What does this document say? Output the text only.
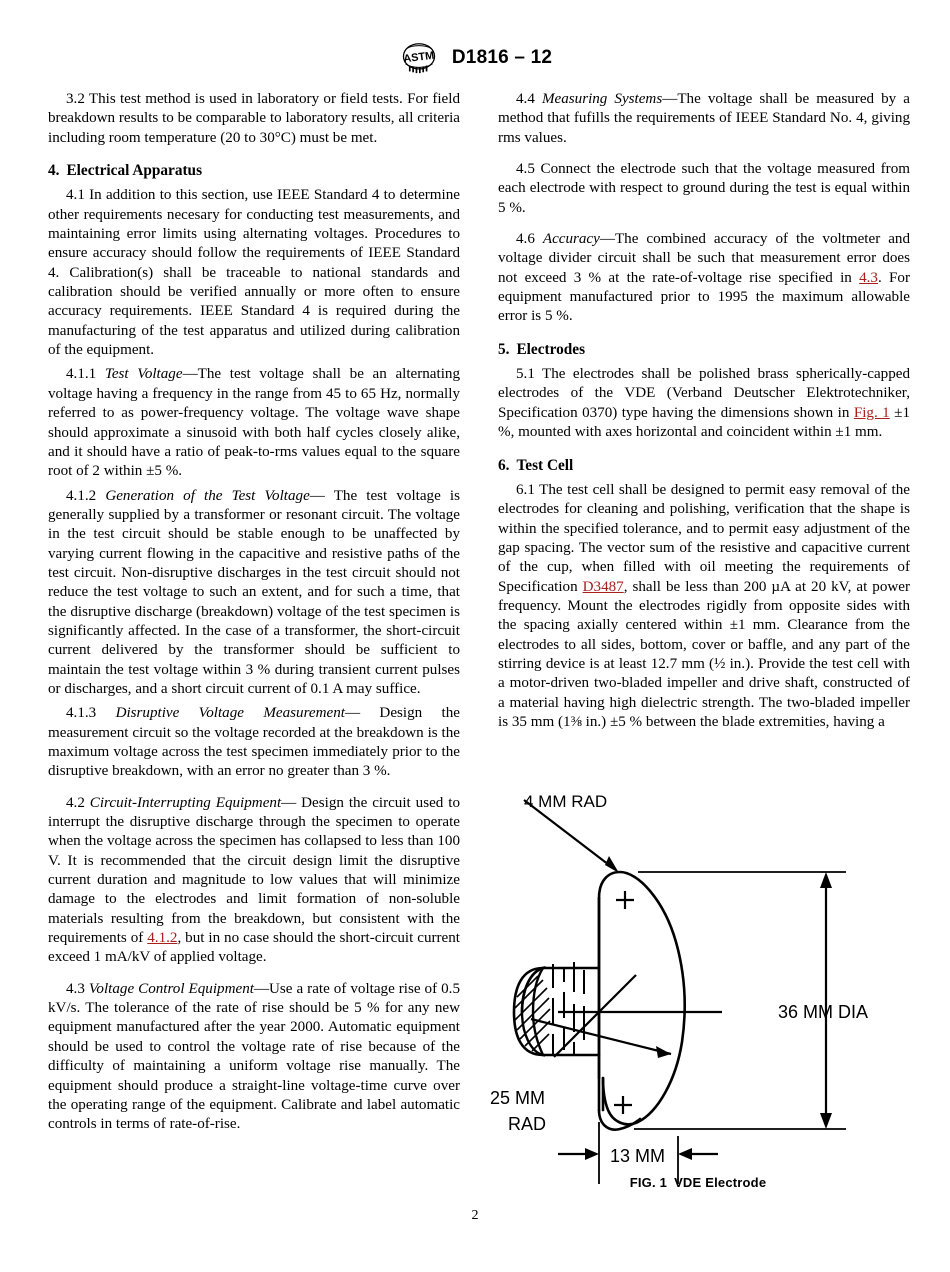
ASTM D1816 – 12

3.2 This test method is used in laboratory or field tests. For field breakdown results to be comparable to laboratory results, all criteria including room temperature (20 to 30°C) must be met.

4. Electrical Apparatus

4.1 In addition to this section, use IEEE Standard 4 to determine other requirements necesary for conducting test measurements, and maintaining error limits using alternating voltages. Procedures to ensure accuracy should follow the requirements of IEEE Standard 4. Calibration(s) shall be traceable to national standards and calibration should be verified annually or more often to ensure accuracy requirements. IEEE Standard 4 is required during the manufacturing of the test apparatus and utilized during calibration of the equipment.

4.1.1 Test Voltage—The test voltage shall be an alternating voltage having a frequency in the range from 45 to 65 Hz, normally referred to as power-frequency voltage. The voltage wave shape should approximate a sinusoid with both half cycles closely alike, and it should have a ratio of peak-to-rms values equal to the square root of 2 within ±5 %.

4.1.2 Generation of the Test Voltage— The test voltage is generally supplied by a transformer or resonant circuit. The voltage in the test circuit should be stable enough to be unaffected by varying current flowing in the capacitive and resistive paths of the test circuit. Non-disruptive discharges in the test circuit should not reduce the test voltage to such an extent, and for such a time, that the disruptive discharge (breakdown) voltage of the test specimen is significantly affected. In the case of a transformer, the short-circuit current delivered by the transformer should be sufficient to maintain the test voltage within 3 % during transient current pulses or discharges, and a short circuit current of 0.1 A may suffice.

4.1.3 Disruptive Voltage Measurement— Design the measurement circuit so the voltage recorded at the breakdown is the maximum voltage across the test specimen immediately prior to the disruptive breakdown, with an error no greater than 3 %.

4.2 Circuit-Interrupting Equipment— Design the circuit used to interrupt the disruptive discharge through the specimen to operate when the voltage across the specimen has collapsed to less than 100 V. It is recommended that the circuit design limit the disruptive current duration and magnitude to low values that will minimize damage to the electrodes and limit formation of non-soluble materials resulting from the breakdown, but consistent with the requirements of 4.1.2, but in no case should the short-circuit current exceed 1 mA/kV of applied voltage.

4.3 Voltage Control Equipment—Use a rate of voltage rise of 0.5 kV/s. The tolerance of the rate of rise should be 5 % for any new equipment manufactured after the year 2000. Automatic equipment should be used to control the voltage rate of rise because of the difficulty of maintaining a uniform voltage rise manually. The equipment should produce a straight-line voltage-time curve over the operating range of the equipment. Calibrate and label automatic controls in terms of rate-of-rise.

4.4 Measuring Systems—The voltage shall be measured by a method that fufills the requirements of IEEE Standard No. 4, giving rms values.

4.5 Connect the electrode such that the voltage measured from each electrode with respect to ground during the test is equal within 5 %.

4.6 Accuracy—The combined accuracy of the voltmeter and voltage divider circuit shall be such that measurement error does not exceed 3 % at the rate-of-voltage rise specified in 4.3. For equipment manufactured prior to 1995 the maximum allowable error is 5 %.

5. Electrodes

5.1 The electrodes shall be polished brass spherically-capped electrodes of the VDE (Verband Deutscher Elektrotechniker, Specification 0370) type having the dimensions shown in Fig. 1 ±1 %, mounted with axes horizontal and coincident within ±1 mm.

6. Test Cell

6.1 The test cell shall be designed to permit easy removal of the electrodes for cleaning and polishing, verification that the shape is within the specified tolerance, and to permit easy adjustment of the gap spacing. The vector sum of the resistive and capacitive current of the cup, when filled with oil meeting the requirements of Specification D3487, shall be less than 200 µA at 20 kV, at power frequency. Mount the electrodes rigidly from opposite sides with the spacing axially centered within ±1 mm. Clearance from the electrodes to all sides, bottom, cover or baffle, and any part of the stirring device is at least 12.7 mm (½ in.). Provide the test cell with a motor-driven two-bladed impeller and drive shaft, constructed of a material having high dielectric strength. The two-bladed impeller is 35 mm (1⅜ in.) ±5 % between the blade extremities, having a

4 MM RAD
36 MM DIA
25 MM
RAD
13 MM
FIG. 1 VDE Electrode
2
